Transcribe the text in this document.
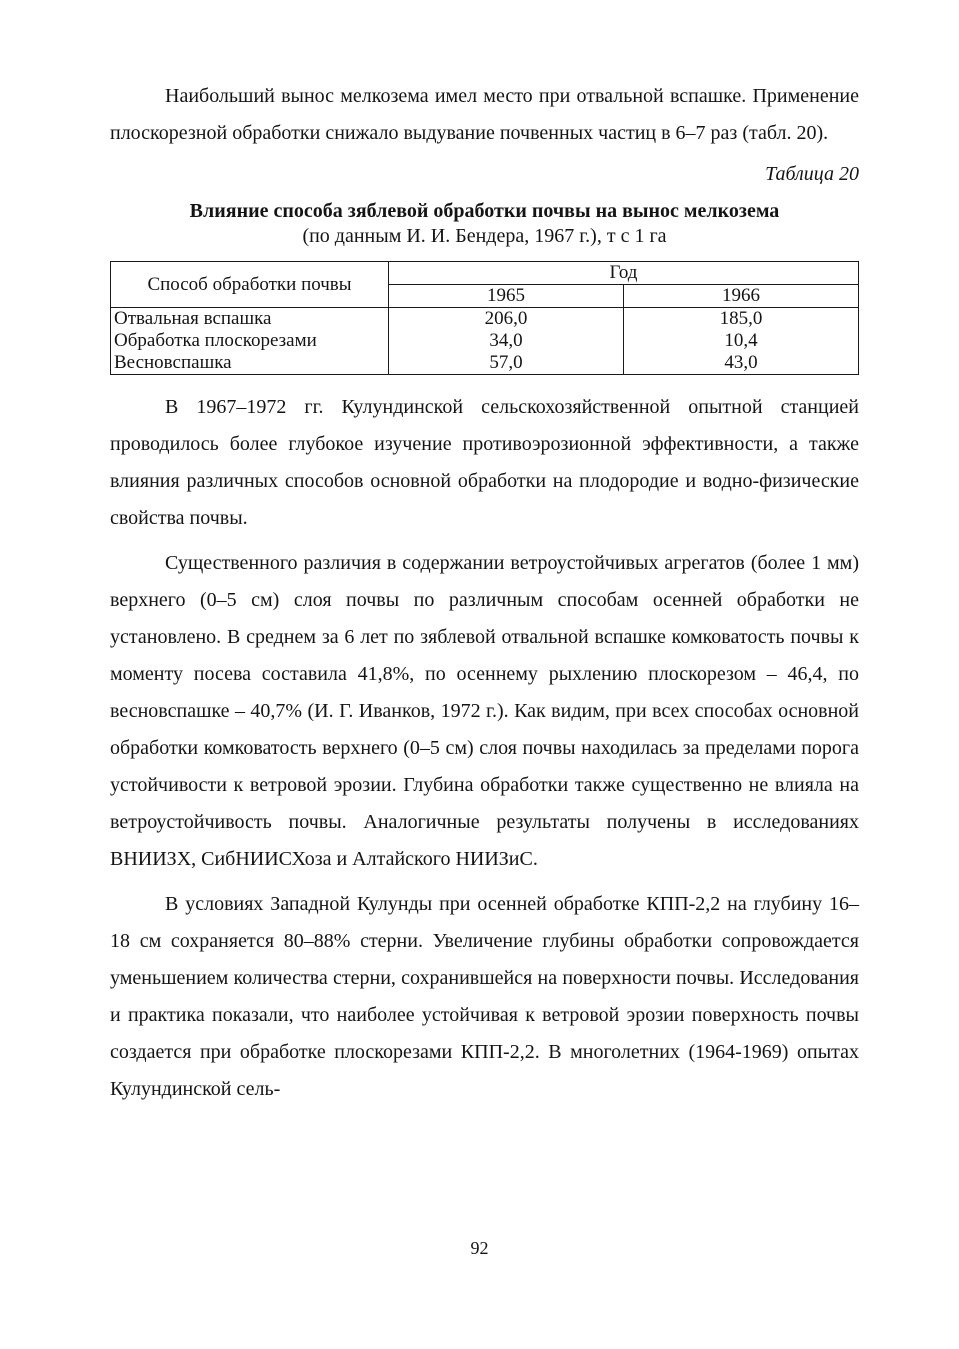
Наибольший вынос мелкозема имел место при отвальной вспашке. Применение плоскорезной обработки снижало выдувание почвенных частиц в 6–7 раз (табл. 20).

Таблица 20

Влияние способа зяблевой обработки почвы на вынос мелкозема

(по данным И. И. Бендера, 1967 г.), т с 1 га

Способ обработки почвы	Год	
	1965	1966
Отвальная вспашка	206,0	185,0
Обработка плоскорезами	34,0	10,4
Весновспашка	57,0	43,0

В 1967–1972 гг. Кулундинской сельскохозяйственной опытной станцией проводилось более глубокое изучение противоэрозионной эффективности, а также влияния различных способов основной обработки на плодородие и водно-физические свойства почвы.

Существенного различия в содержании ветроустойчивых агрегатов (более 1 мм) верхнего (0–5 см) слоя почвы по различным способам осенней обработки не установлено. В среднем за 6 лет по зяблевой отвальной вспашке комковатость почвы к моменту посева составила 41,8%, по осеннему рыхлению плоскорезом – 46,4, по весновспашке – 40,7% (И. Г. Иванков, 1972 г.). Как видим, при всех способах основной обработки комковатость верхнего (0–5 см) слоя почвы находилась за пределами порога устойчивости к ветровой эрозии. Глубина обработки также существенно не влияла на ветроустойчивость почвы. Аналогичные результаты получены в исследованиях ВНИИЗХ, СибНИИСХоза и Алтайского НИИЗиС.

В условиях Западной Кулунды при осенней обработке КПП-2,2 на глубину 16–18 см сохраняется 80–88% стерни. Увеличение глубины обработки сопровождается уменьшением количества стерни, сохранившейся на поверхности почвы. Исследования и практика показали, что наиболее устойчивая к ветровой эрозии поверхность почвы создается при обработке плоскорезами КПП-2,2. В многолетних (1964-1969) опытах Кулундинской сель-

92
